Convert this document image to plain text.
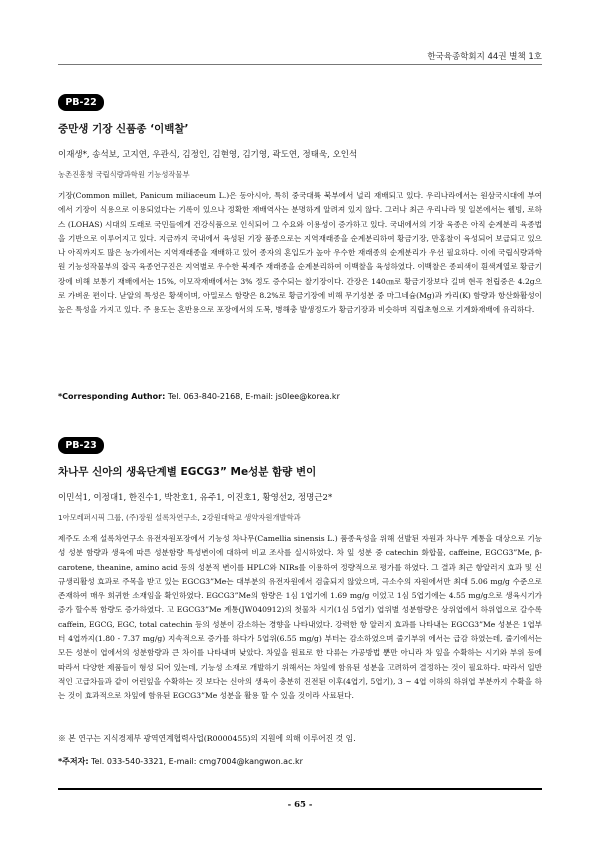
한국육종학회지 44권 별책 1호
PB-22
중만생 기장 신품종 ‘이백찰’
이재생*, 송석보, 고지연, 우관식, 김정인, 김현영, 김기영, 곽도연, 정태욱, 오인석
농촌진흥청 국립식량과학원 기능성작물부

기장(Common millet, Panicum miliaceum L.)은 동아시아, 특히 중국대륙 북부에서 널리 재배되고 있다. 우리나라에서는 원삼국시대에 부여에서 기장이 식용으로 이용되었다는 기록이 있으나 정확한 재배역사는 분명하게 알려져 있지 않다. 그러나 최근 우리나라 및 일본에서는 웰빙, 로하스 (LOHAS) 시대의 도래로 국민들에게 건강식품으로 인식되어 그 수요와 이용성이 증가하고 있다. 국내에서의 기장 육종은 아직 순계분리 육종법을 기반으로 이루어지고 있다. 지금까지 국내에서 육성된 기장 품종으로는 지역재래종을 순계분리하여 황금기장, 만홍찰이 육성되어 보급되고 있으나 아직까지도 많은 농가에서는 지역재래종을 재배하고 있어 종자의 혼입도가 높아 우수한 재래종의 순계분리가 우선 필요하다. 이에 국립식량과학원 기능성작물부의 잡곡 육종연구진은 지역별로 우수한 북제주 재래종을 순계분리하여 이백찰을 육성하였다. 이백찰은 종피색이 흰색계열로 황금기장에 비해 보통기 재배에서는 15%, 이모작재배에서는 3% 정도 증수되는 찰기장이다. 간장은 140㎝로 황금기장보다 길며 현곡 천립중은 4.2g으로 가벼운 편이다. 낟알의 특성은 황색이며, 아밀로스 함량은 8.2%로 황금기장에 비해 무기성분 중 마그네슘(Mg)과 카리(K) 함량과 항산화활성이 높은 특성을 가지고 있다. 주 용도는 혼반용으로 포장에서의 도복, 병해충 발생정도가 황금기장과 비슷하며 직립초형으로 기계화재배에 유리하다.

*Corresponding Author: Tel. 063-840-2168, E-mail: js0lee@korea.kr
PB-23
차나무 신아의 생육단계별 EGCG3” Me성분 함량 변이
이민석1, 이정대1, 한진수1, 박찬호1, 유주1, 이진호1, 황영선2, 정명근2*
1아모레퍼시픽 그룹, (주)장원 설록차연구소, 2강원대학교 생약자원개발학과

제주도 소재 설록차연구소 유전자원포장에서 기능성 차나무(Camellia sinensis L.) 품종육성을 위해 선발된 자원과 차나무 계통을 대상으로 기능성 성분 함량과 생육에 따른 성분함량 특성변이에 대하여 비교 조사를 실시하였다. 차 잎 성분 중 catechin 화합물, caffeine, EGCG3”Me, β-carotene, theanine, amino acid 등의 성분적 변이를 HPLC와 NIRs를 이용하여 정량적으로 평가를 하였다. 그 결과 최근 항알러지 효과 및 신규생리활성 효과로 주목을 받고 있는 EGCG3”Me는 대부분의 유전자원에서 검출되지 않았으며, 극소수의 자원에서만 최대 5.06 mg/g 수준으로 존재하여 매우 희귀한 소재임을 확인하였다. EGCG3”Me의 함량은 1심 1엽기에 1.69 mg/g 이었고 1심 5엽기에는 4.55 mg/g으로 생육시기가 증가 할수록 함량도 증가하였다. 고 EGCG3”Me 계통(JW040912)의 첫물차 시기(1심 5엽기) 엽위별 성분함량은 상위엽에서 하위엽으로 갈수록 caffein, EGCG, EGC, total catechin 등의 성분이 감소하는 경향을 나타내었다. 강력한 항 알러지 효과를 나타내는 EGCG3”Me 성분은 1엽부터 4엽까지(1.80 - 7.37 mg/g) 지속적으로 증가를 하다가 5엽위(6.55 mg/g) 부터는 감소하였으며 줄기부위 에서는 급감 하였는데, 줄기에서는 모든 성분이 엽에서의 성분함량과 큰 차이를 나타내며 낮았다. 차잎을 원료로 한 다류는 가공방법 뿐만 아니라 차 잎을 수확하는 시기와 부위 등에 따라서 다양한 제품들이 형성 되어 있는데, 기능성 소재로 개발하기 위해서는 차잎에 함유된 성분을 고려하여 결정하는 것이 필요하다. 따라서 일반적인 고급차들과 같이 어린잎을 수확하는 것 보다는 신아의 생육이 충분히 진전된 이후(4엽기, 5엽기), 3 ~ 4엽 이하의 하위엽 부분까지 수확을 하는 것이 효과적으로 차잎에 함유된 EGCG3”Me 성분을 활용 할 수 있을 것이라 사료된다.

※ 본 연구는 지식경제부 광역연계협력사업(R0000455)의 지원에 의해 이루어진 것 임.
*주저자: Tel. 033-540-3321, E-mail: cmg7004@kangwon.ac.kr
- 65 -
